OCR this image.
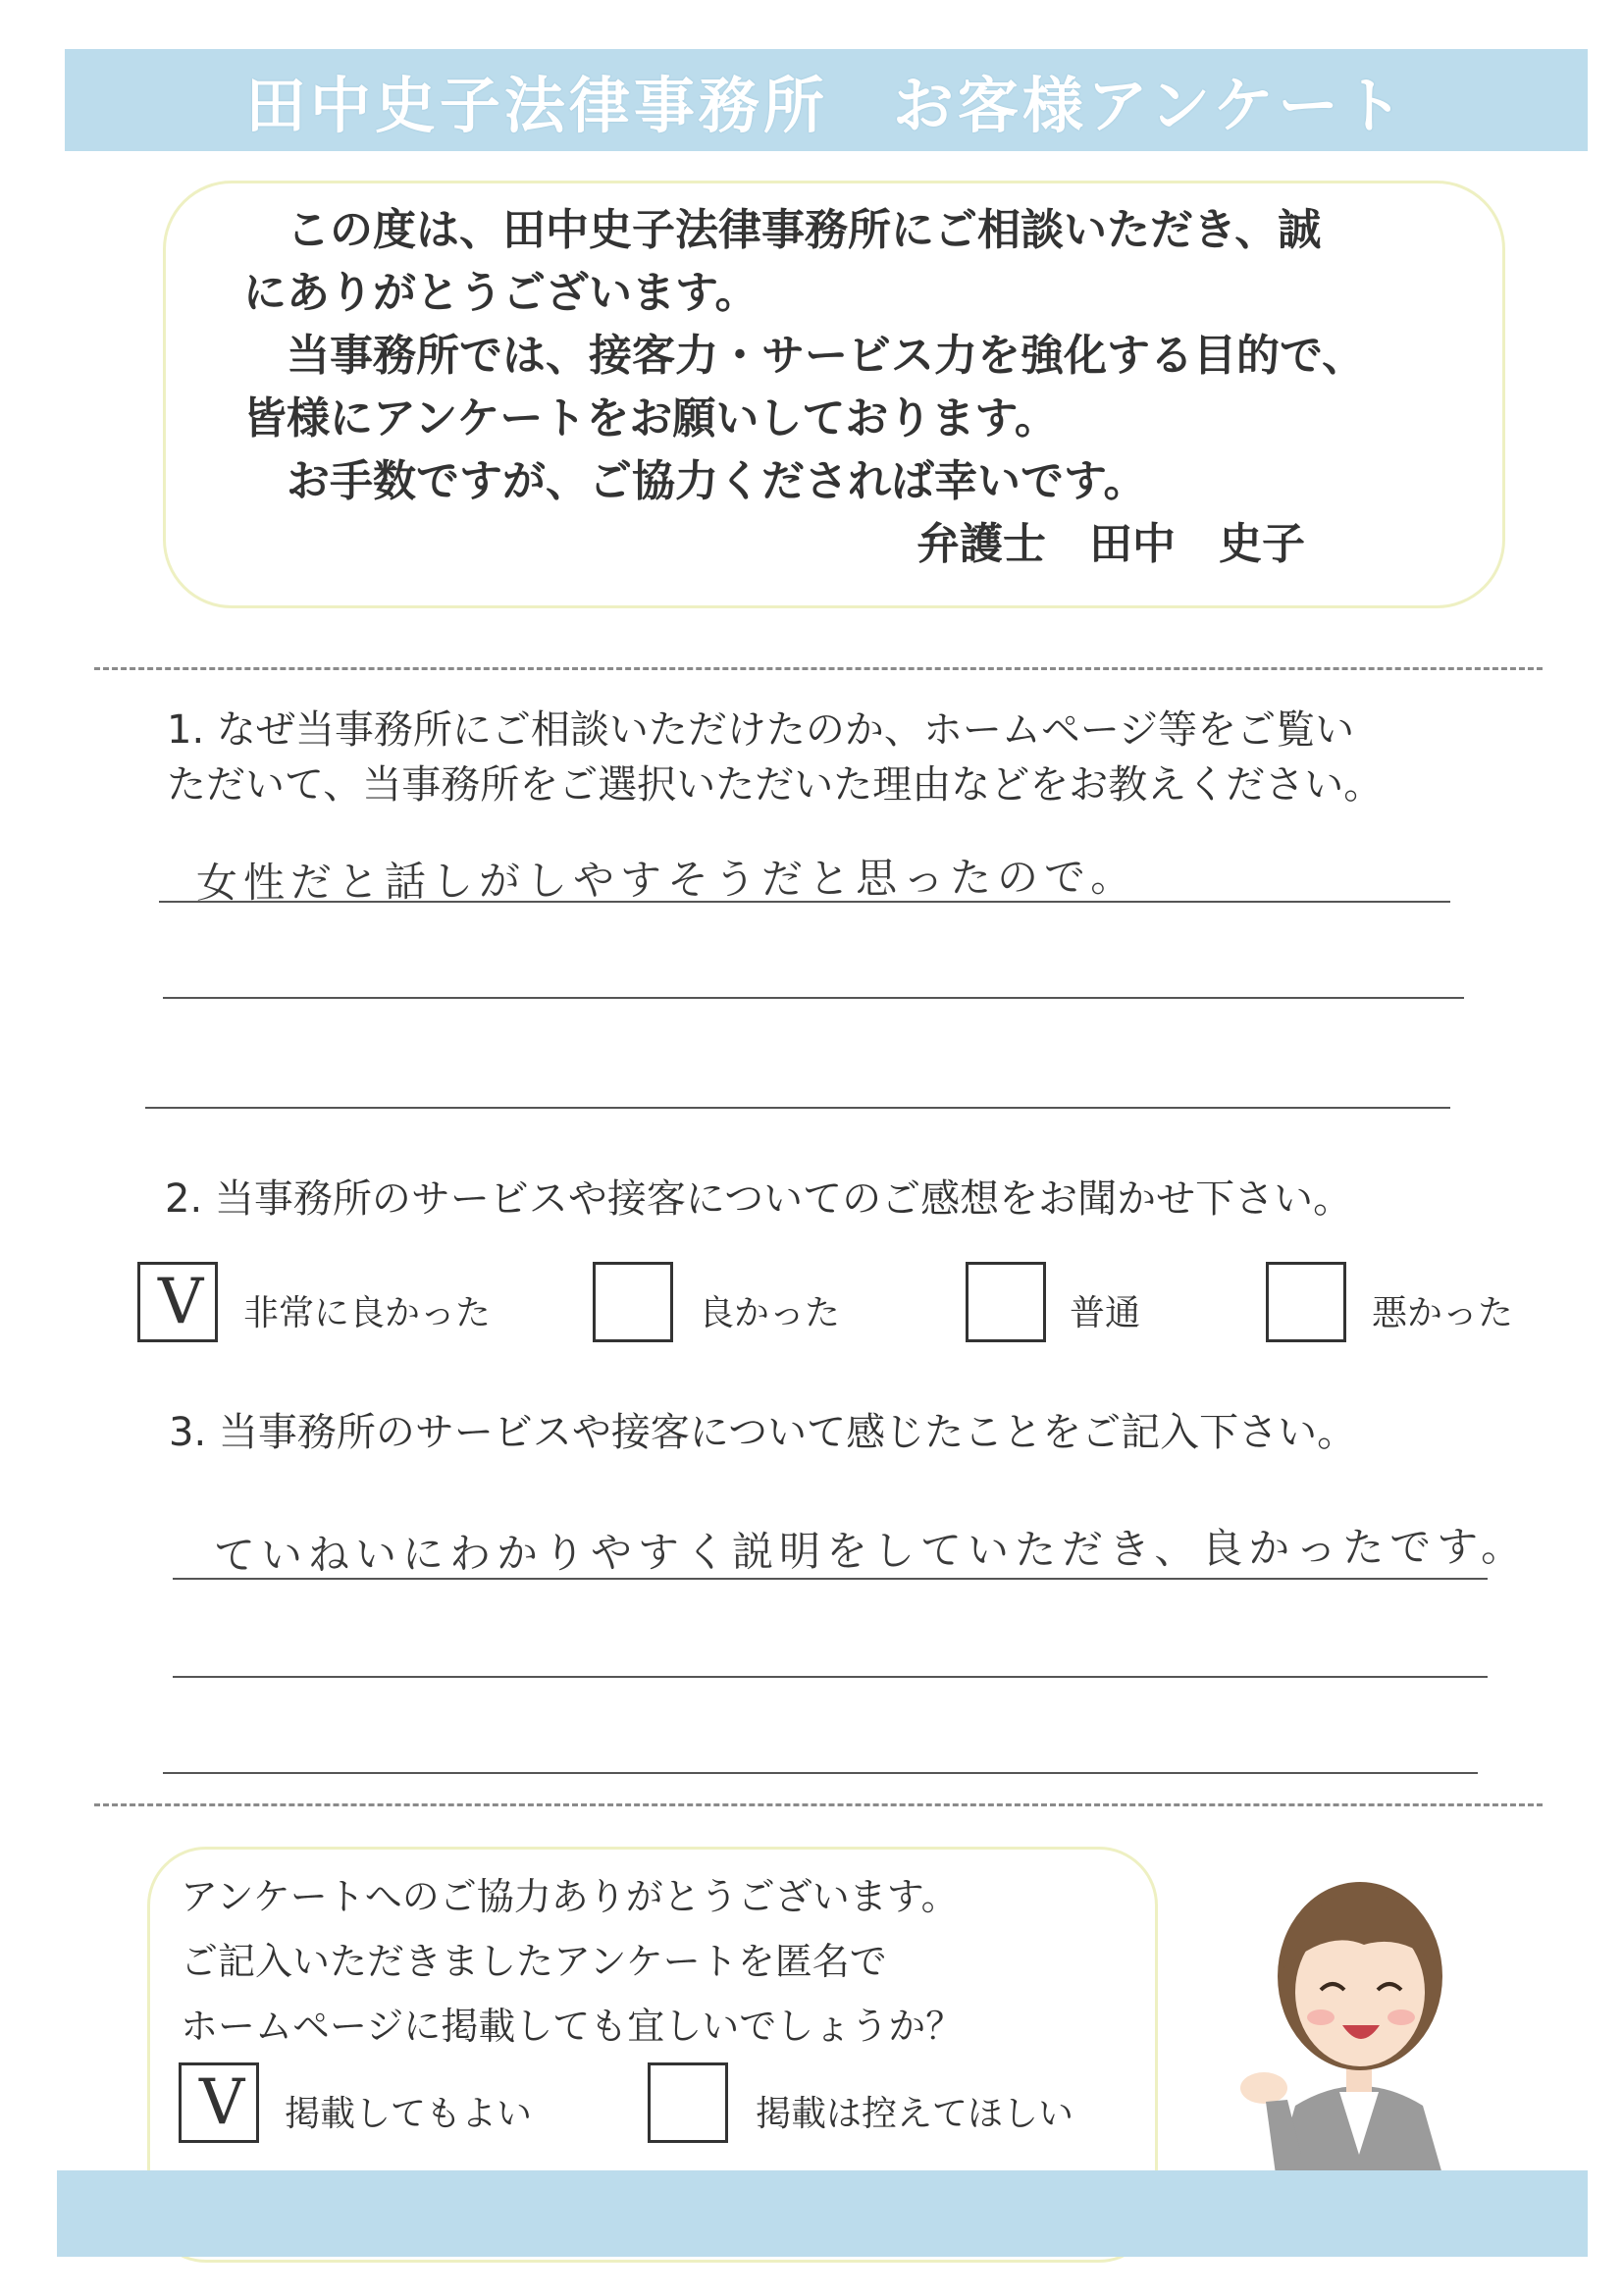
田中史子法律事務所　お客様アンケート
　この度は、田中史子法律事務所にご相談いただき、誠
にありがとうございます。
　当事務所では、接客力・サービス力を強化する目的で、
皆様にアンケートをお願いしております。
　お手数ですが、ご協力くだされば幸いです。
弁護士　田中　史子
1. なぜ当事務所にご相談いただけたのか、ホームページ等をご覧い
ただいて、当事務所をご選択いただいた理由などをお教えください。
女性だと話しがしやすそうだと思ったので。
2. 当事務所のサービスや接客についてのご感想をお聞かせ下さい。
V 非常に良かった	良かった	普通	悪かった
3. 当事務所のサービスや接客について感じたことをご記入下さい。
ていねいにわかりやすく説明をしていただき、良かったです。
アンケートへのご協力ありがとうございます。
ご記入いただきましたアンケートを匿名で
ホームページに掲載しても宜しいでしょうか？
V 掲載してもよい	掲載は控えてほしい
